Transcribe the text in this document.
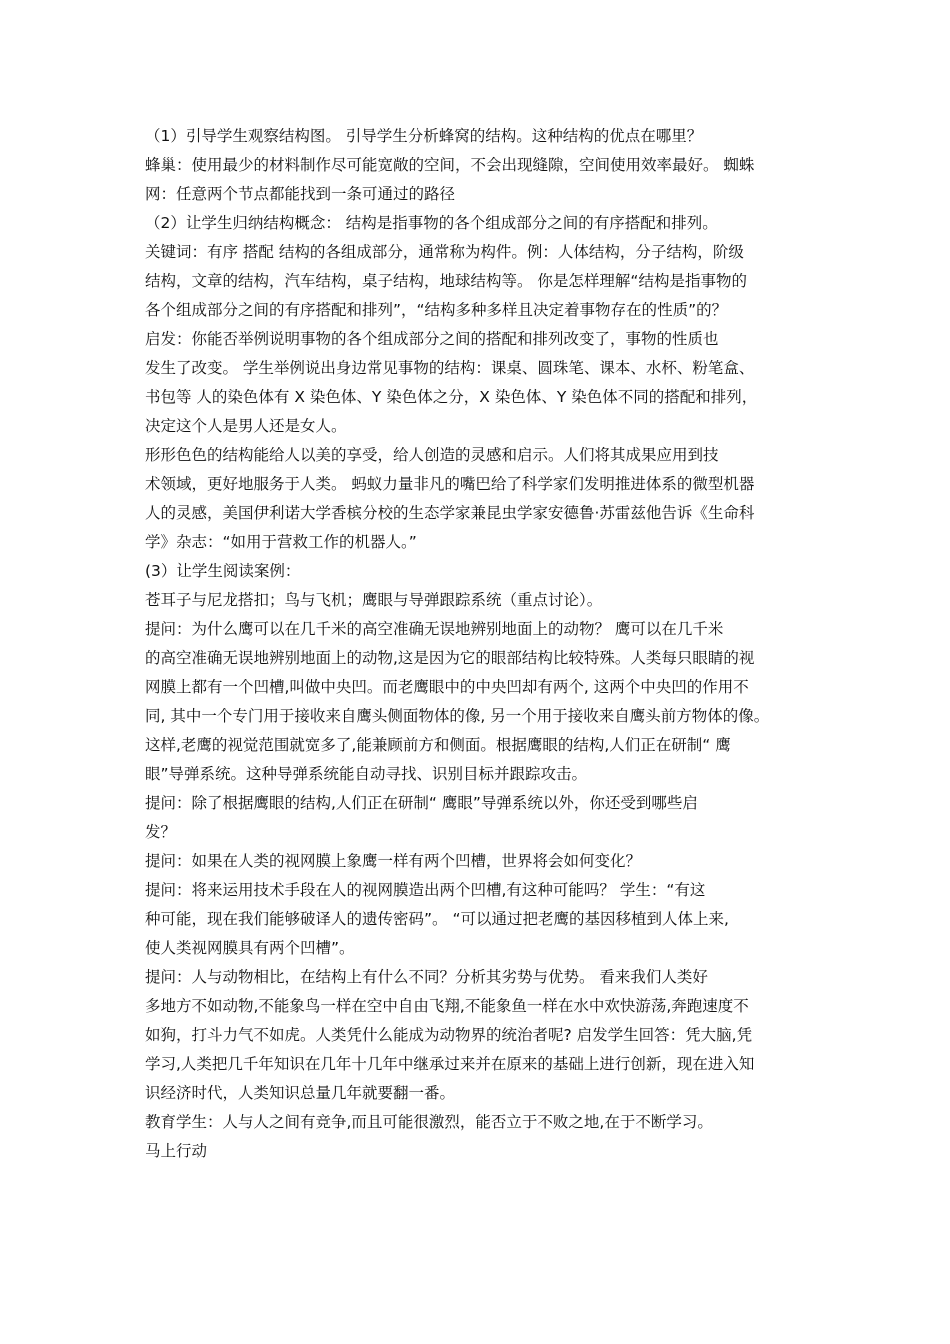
（1）引导学生观察结构图。 引导学生分析蜂窝的结构。这种结构的优点在哪里？

蜂巢：使用最少的材料制作尽可能宽敞的空间，不会出现缝隙，空间使用效率最好。 蜘蛛

网：任意两个节点都能找到一条可通过的路径

（2）让学生归纳结构概念： 结构是指事物的各个组成部分之间的有序搭配和排列。

关键词：有序 搭配 结构的各组成部分，通常称为构件。例：人体结构，分子结构，阶级

结构，文章的结构，汽车结构，桌子结构，地球结构等。 你是怎样理解“结构是指事物的

各个组成部分之间的有序搭配和排列”，“结构多种多样且决定着事物存在的性质”的？

启发：你能否举例说明事物的各个组成部分之间的搭配和排列改变了，事物的性质也

发生了改变。 学生举例说出身边常见事物的结构：课桌、圆珠笔、课本、水杯、粉笔盒、

书包等 人的染色体有 X 染色体、Y 染色体之分，X 染色体、Y 染色体不同的搭配和排列，

决定这个人是男人还是女人。

形形色色的结构能给人以美的享受，给人创造的灵感和启示。人们将其成果应用到技

术领域，更好地服务于人类。 蚂蚁力量非凡的嘴巴给了科学家们发明推进体系的微型机器

人的灵感，美国伊利诺大学香槟分校的生态学家兼昆虫学家安德鲁·苏雷兹他告诉《生命科

学》杂志：“如用于营救工作的机器人。”

(3）让学生阅读案例：

苍耳子与尼龙搭扣；鸟与飞机；鹰眼与导弹跟踪系统（重点讨论）。

提问：为什么鹰可以在几千米的高空准确无误地辨别地面上的动物？ 鹰可以在几千米

的高空准确无误地辨别地面上的动物,这是因为它的眼部结构比较特殊。人类每只眼睛的视

网膜上都有一个凹槽,叫做中央凹。而老鹰眼中的中央凹却有两个, 这两个中央凹的作用不

同, 其中一个专门用于接收来自鹰头侧面物体的像, 另一个用于接收来自鹰头前方物体的像。

这样,老鹰的视觉范围就宽多了,能兼顾前方和侧面。根据鹰眼的结构,人们正在研制“ 鹰

眼”导弹系统。这种导弹系统能自动寻找、识别目标并跟踪攻击。

提问：除了根据鹰眼的结构,人们正在研制“ 鹰眼”导弹系统以外，你还受到哪些启

发？

提问：如果在人类的视网膜上象鹰一样有两个凹槽，世界将会如何变化？

提问：将来运用技术手段在人的视网膜造出两个凹槽,有这种可能吗？ 学生：“有这

种可能，现在我们能够破译人的遗传密码”。 “可以通过把老鹰的基因移植到人体上来,

使人类视网膜具有两个凹槽”。

提问：人与动物相比，在结构上有什么不同？分析其劣势与优势。 看来我们人类好

多地方不如动物,不能象鸟一样在空中自由飞翔,不能象鱼一样在水中欢快游荡,奔跑速度不

如狗，打斗力气不如虎。人类凭什么能成为动物界的统治者呢? 启发学生回答：凭大脑,凭

学习,人类把几千年知识在几年十几年中继承过来并在原来的基础上进行创新，现在进入知

识经济时代，人类知识总量几年就要翻一番。

教育学生：人与人之间有竞争,而且可能很激烈，能否立于不败之地,在于不断学习。

马上行动
